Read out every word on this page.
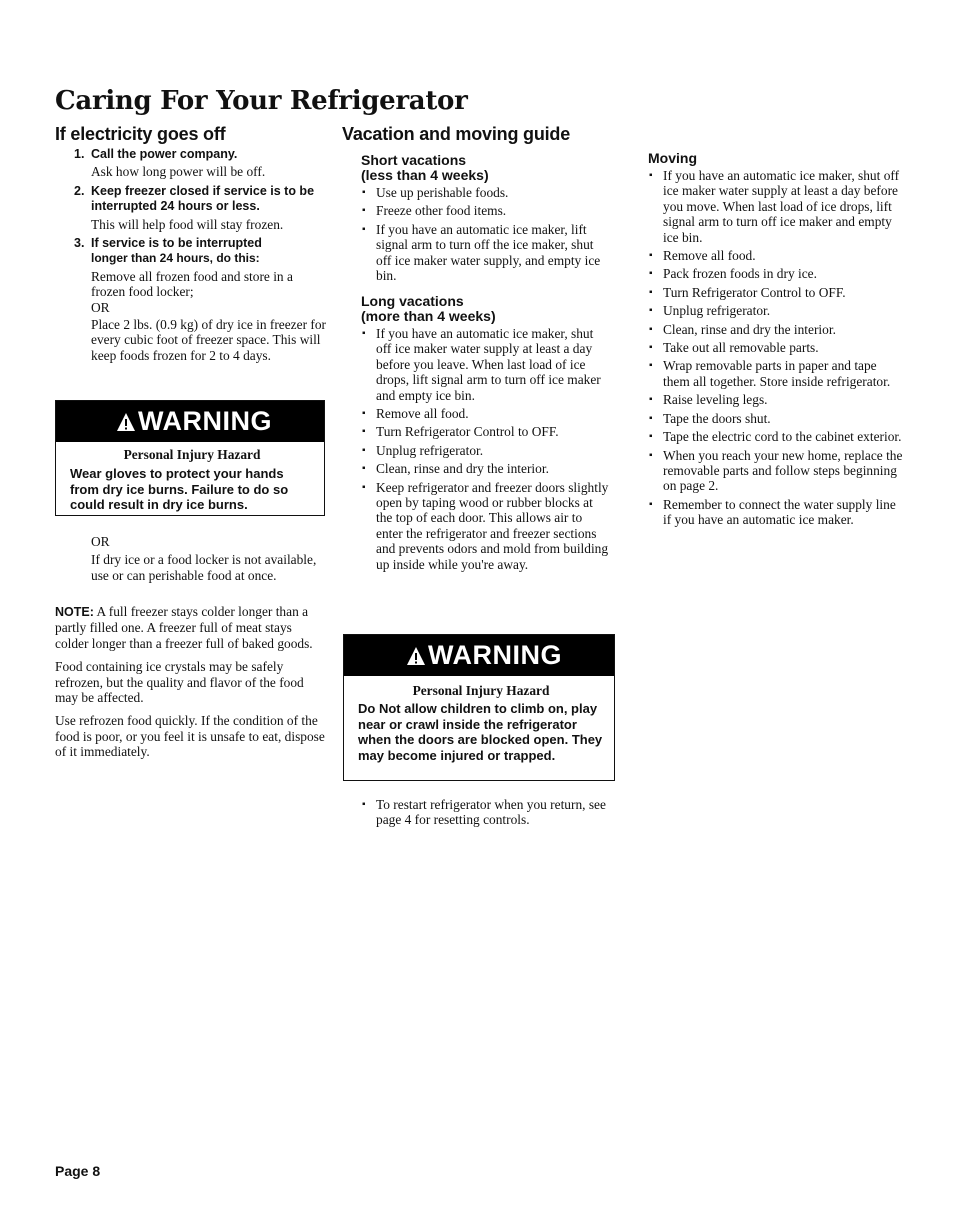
Caring For Your Refrigerator
If electricity goes off
1. Call the power company.
Ask how long power will be off.
2. Keep freezer closed if service is to be interrupted 24 hours or less.
This will help food will stay frozen.
3. If service is to be interrupted
longer than 24 hours, do this:
Remove all frozen food and store in a frozen food locker;
OR
Place 2 lbs. (0.9 kg) of dry ice in freezer for every cubic foot of freezer space. This will keep foods frozen for 2 to 4 days.
WARNING
Personal Injury Hazard
Wear gloves to protect your hands from dry ice burns. Failure to do so could result in dry ice burns.
OR
If dry ice or a food locker is not available, use or can perishable food at once.
NOTE: A full freezer stays colder longer than a partly filled one. A freezer full of meat stays colder longer than a freezer full of baked goods.
Food containing ice crystals may be safely refrozen, but the quality and flavor of the food may be affected.
Use refrozen food quickly. If the condition of the food is poor, or you feel it is unsafe to eat, dispose of it immediately.
Vacation and moving guide
Short vacations
(less than 4 weeks)
▪ Use up perishable foods.
▪ Freeze other food items.
▪ If you have an automatic ice maker, lift signal arm to turn off the ice maker, shut off ice maker water supply, and empty ice bin.
Long vacations
(more than 4 weeks)
▪ If you have an automatic ice maker, shut off ice maker water supply at least a day before you leave. When last load of ice drops, lift signal arm to turn off ice maker and empty ice bin.
▪ Remove all food.
▪ Turn Refrigerator Control to OFF.
▪ Unplug refrigerator.
▪ Clean, rinse and dry the interior.
▪ Keep refrigerator and freezer doors slightly open by taping wood or rubber blocks at the top of each door. This allows air to enter the refrigerator and freezer sections and prevents odors and mold from building up inside while you're away.
WARNING
Personal Injury Hazard
Do Not allow children to climb on, play near or crawl inside the refrigerator when the doors are blocked open. They may become injured or trapped.
▪ To restart refrigerator when you return, see page 4 for resetting controls.
Moving
▪ If you have an automatic ice maker, shut off ice maker water supply at least a day before you move. When last load of ice drops, lift signal arm to turn off ice maker and empty ice bin.
▪ Remove all food.
▪ Pack frozen foods in dry ice.
▪ Turn Refrigerator Control to OFF.
▪ Unplug refrigerator.
▪ Clean, rinse and dry the interior.
▪ Take out all removable parts.
▪ Wrap removable parts in paper and tape them all together. Store inside refrigerator.
▪ Raise leveling legs.
▪ Tape the doors shut.
▪ Tape the electric cord to the cabinet exterior.
▪ When you reach your new home, replace the removable parts and follow steps beginning on page 2.
▪ Remember to connect the water supply line if you have an automatic ice maker.
Page 8
